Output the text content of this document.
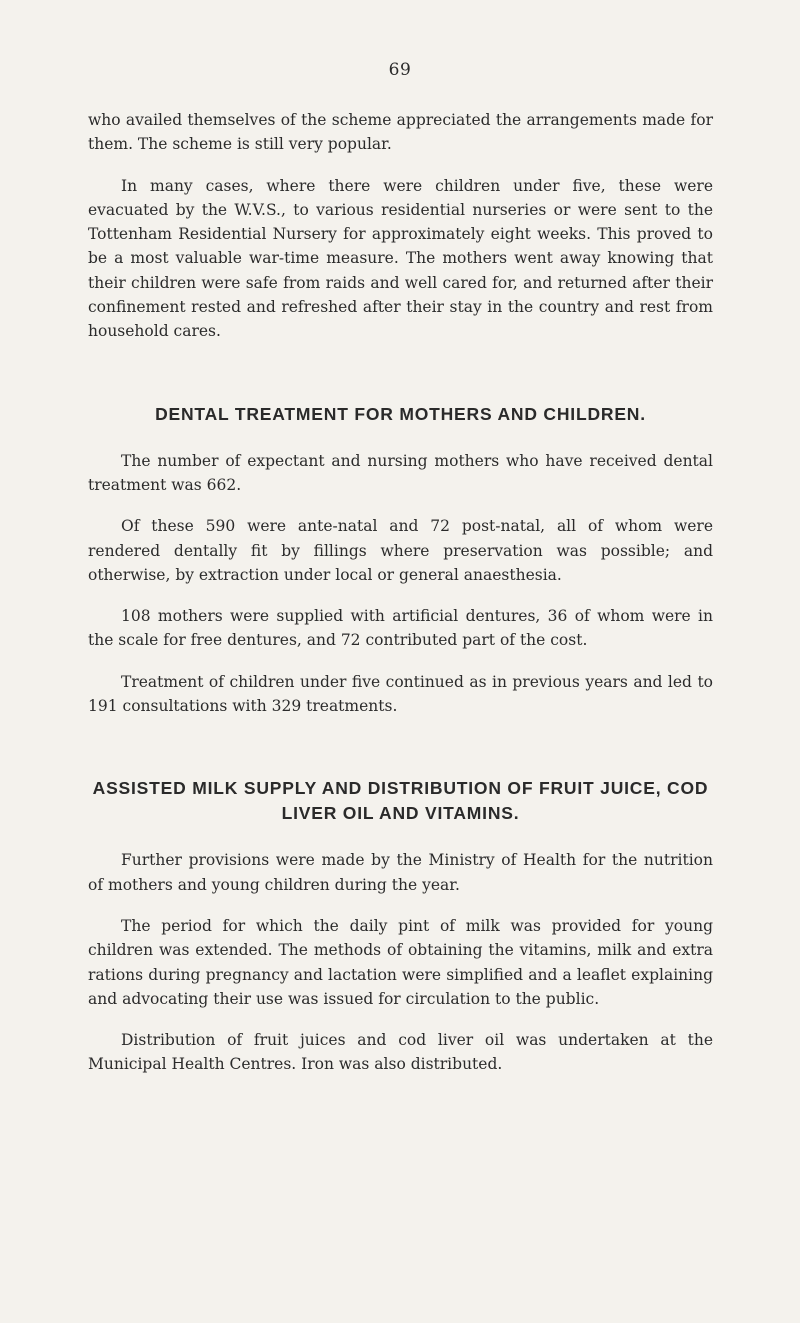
69

who availed themselves of the scheme appreciated the arrangements made for them. The scheme is still very popular.

In many cases, where there were children under five, these were evacuated by the W.V.S., to various residential nurseries or were sent to the Tottenham Residential Nursery for approximately eight weeks. This proved to be a most valuable war-time measure. The mothers went away knowing that their children were safe from raids and well cared for, and returned after their confinement rested and refreshed after their stay in the country and rest from household cares.

DENTAL TREATMENT FOR MOTHERS AND CHILDREN.

The number of expectant and nursing mothers who have received dental treatment was 662.

Of these 590 were ante-natal and 72 post-natal, all of whom were rendered dentally fit by fillings where preservation was possible; and otherwise, by extraction under local or general anaesthesia.

108 mothers were supplied with artificial dentures, 36 of whom were in the scale for free dentures, and 72 contributed part of the cost.

Treatment of children under five continued as in previous years and led to 191 consultations with 329 treatments.

ASSISTED MILK SUPPLY AND DISTRIBUTION OF FRUIT JUICE, COD LIVER OIL AND VITAMINS.

Further provisions were made by the Ministry of Health for the nutrition of mothers and young children during the year.

The period for which the daily pint of milk was provided for young children was extended. The methods of obtaining the vitamins, milk and extra rations during pregnancy and lactation were simplified and a leaflet explaining and advocating their use was issued for circulation to the public.

Distribution of fruit juices and cod liver oil was undertaken at the Municipal Health Centres. Iron was also distributed.
